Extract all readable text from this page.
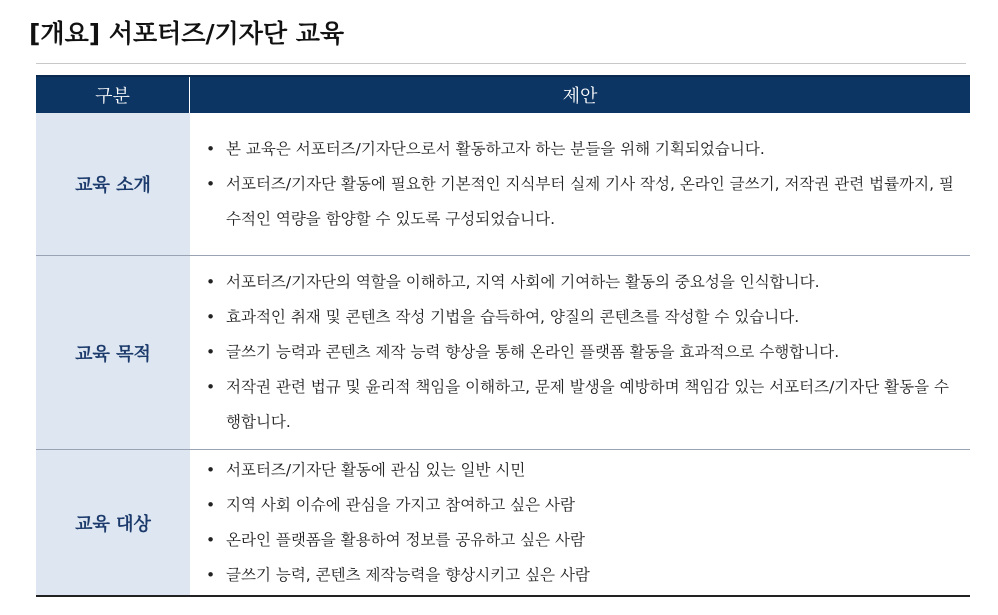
[개요] 서포터즈/기자단 교육
구분	제안
교육 소개
• 본 교육은 서포터즈/기자단으로서 활동하고자 하는 분들을 위해 기획되었습니다.
• 서포터즈/기자단 활동에 필요한 기본적인 지식부터 실제 기사 작성, 온라인 글쓰기, 저작권 관련 법률까지, 필수적인 역량을 함양할 수 있도록 구성되었습니다.
교육 목적
• 서포터즈/기자단의 역할을 이해하고, 지역 사회에 기여하는 활동의 중요성을 인식합니다.
• 효과적인 취재 및 콘텐츠 작성 기법을 습득하여, 양질의 콘텐츠를 작성할 수 있습니다.
• 글쓰기 능력과 콘텐츠 제작 능력 향상을 통해 온라인 플랫폼 활동을 효과적으로 수행합니다.
• 저작권 관련 법규 및 윤리적 책임을 이해하고, 문제 발생을 예방하며 책임감 있는 서포터즈/기자단 활동을 수행합니다.
교육 대상
• 서포터즈/기자단 활동에 관심 있는 일반 시민
• 지역 사회 이슈에 관심을 가지고 참여하고 싶은 사람
• 온라인 플랫폼을 활용하여 정보를 공유하고 싶은 사람
• 글쓰기 능력, 콘텐츠 제작능력을 향상시키고 싶은 사람
